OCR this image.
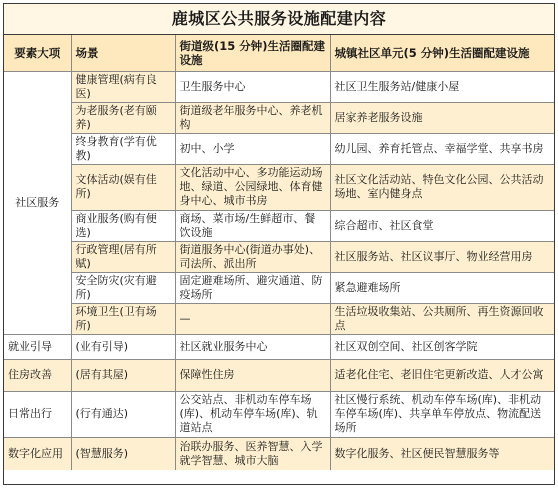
鹿城区公共服务设施配建内容
要素大项	场景	街道级(15 分钟)生活圈配建设施	城镇社区单元(5 分钟)生活圈配建设施
社区服务	健康管理(病有良医)	卫生服务中心	社区卫生服务站/健康小屋
	为老服务(老有颐养)	街道级老年服务中心、养老机构	居家养老服务设施
	终身教育(学有优教)	初中、小学	幼儿园、养育托管点、幸福学堂、共享书房
	文体活动(娱有佳所)	文化活动中心、多功能运动场地、绿道、公园绿地、体育健身中心、城市书房	社区文化活动站、特色文化公园、公共活动场地、室内健身点
	商业服务(购有便选)	商场、菜市场/生鲜超市、餐饮设施	综合超市、社区食堂
	行政管理(居有所赋)	街道服务中心(街道办事处)、司法所、派出所	社区服务站、社区议事厅、物业经营用房
	安全防灾(灾有避所)	固定避难场所、避灾通道、防疫场所	紧急避难场所
	环境卫生(卫有场所)	—	生活垃圾收集站、公共厕所、再生资源回收点
就业引导	(业有引导)	社区就业服务中心	社区双创空间、社区创客学院
住房改善	(居有其屋)	保障性住房	适老化住宅、老旧住宅更新改造、人才公寓
日常出行	(行有通达)	公交站点、非机动车停车场(库)、机动车停车场(库)、轨道站点	社区慢行系统、机动车停车场(库)、非机动车停车场(库)、共享单车停放点、物流配送场所
数字化应用	(智慧服务)	治联办服务、医养智慧、入学就学智慧、城市大脑	数字化服务、社区便民智慧服务等
